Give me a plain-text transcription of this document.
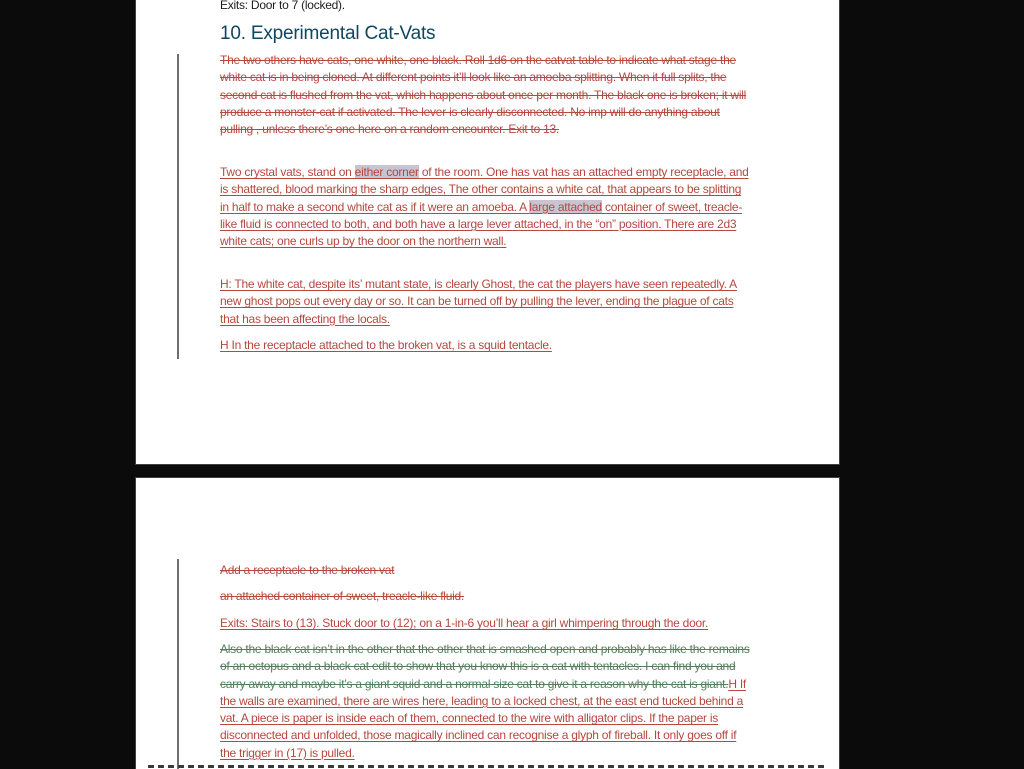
Exits: Door to 7 (locked).
10. Experimental Cat-Vats

The two others have cats, one white, one black. Roll 1d6 on the catvat table to indicate what stage the white cat is in being cloned. At different points it’ll look like an amoeba splitting. When it full splits, the second cat is flushed from the vat, which happens about once per month. The black one is broken; it will produce a monster-cat if activated. The lever is clearly disconnected. No imp will do anything about pulling , unless there’s one here on a random encounter. Exit to 13.

Two crystal vats, stand on either corner of the room. One has vat has an attached empty receptacle, and is shattered, blood marking the sharp edges, The other contains a white cat, that appears to be splitting in half to make a second white cat as if it were an amoeba. A large attached container of sweet, treacle-like fluid is connected to both, and both have a large lever attached, in the “on” position. There are 2d3 white cats; one curls up by the door on the northern wall.

H: The white cat, despite its’ mutant state, is clearly Ghost, the cat the players have seen repeatedly. A new ghost pops out every day or so. It can be turned off by pulling the lever, ending the plague of cats that has been affecting the locals.

H In the receptacle attached to the broken vat, is a squid tentacle.

Add a receptacle to the broken vat

an attached container of sweet, treacle-like fluid.

Exits: Stairs to (13). Stuck door to (12); on a 1-in-6 you’ll hear a girl whimpering through the door.

Also the black cat isn’t in the other that the other that is smashed open and probably has like the remains of an octopus and a black cat edit to show that you know this is a cat with tentacles. I can find you and carry away and maybe it’s a giant squid and a normal size cat to give it a reason why the cat is giant.H If the walls are examined, there are wires here, leading to a locked chest, at the east end tucked behind a vat. A piece is paper is inside each of them, connected to the wire with alligator clips. If the paper is disconnected and unfolded, those magically inclined can recognise a glyph of fireball. It only goes off if the trigger in (17) is pulled.
